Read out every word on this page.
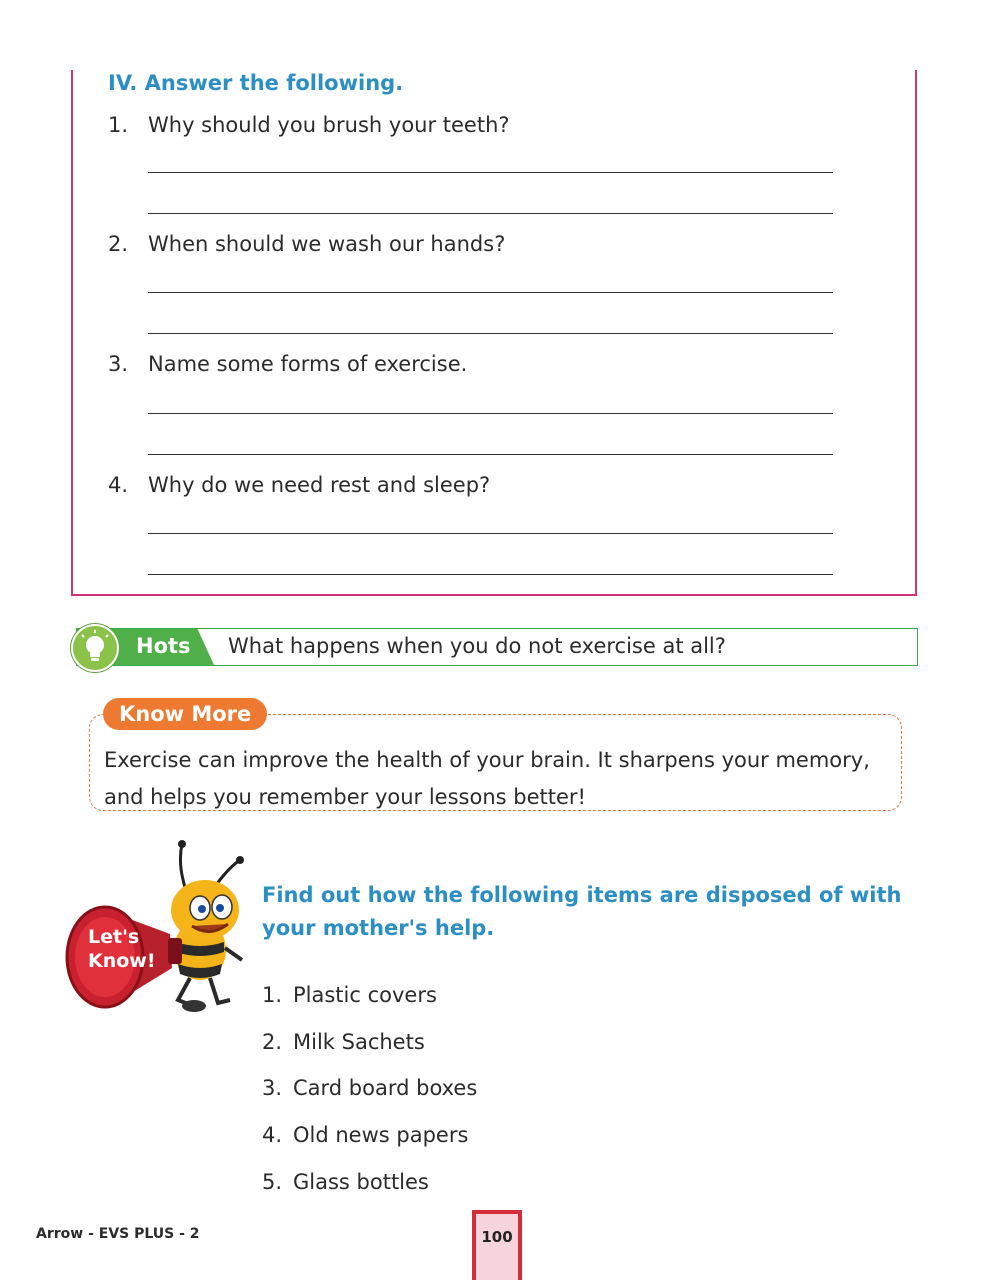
IV. Answer the following.
1. Why should you brush your teeth?
2. When should we wash our hands?
3. Name some forms of exercise.
4. Why do we need rest and sleep?
Hots What happens when you do not exercise at all?
Know More
Exercise can improve the health of your brain. It sharpens your memory, and helps you remember your lessons better!
Let's
Know!
Find out how the following items are disposed of with your mother's help.
1. Plastic covers
2. Milk Sachets
3. Card board boxes
4. Old news papers
5. Glass bottles
Arrow - EVS PLUS - 2	100
